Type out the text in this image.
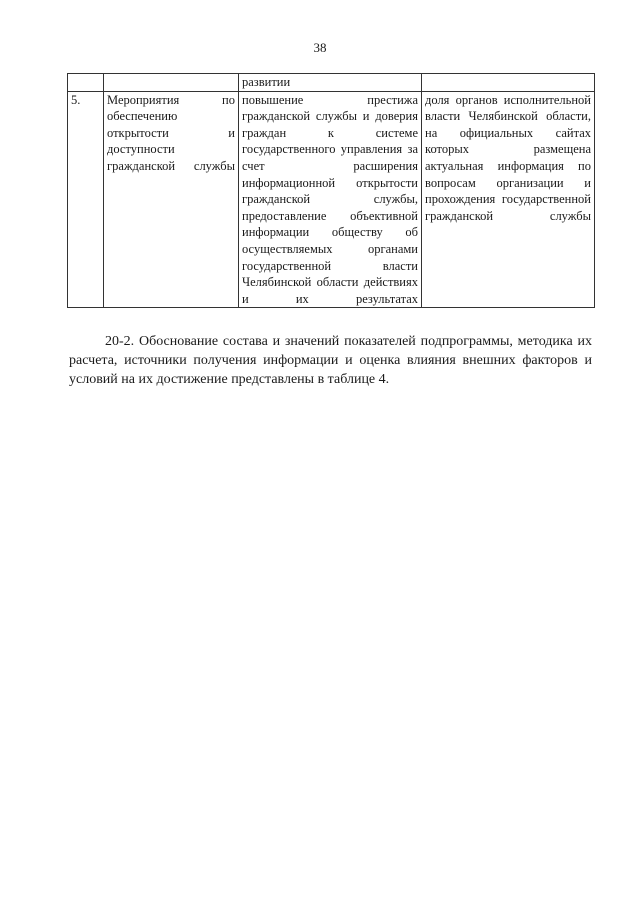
38
		развитии	
5.	Мероприятия по обеспечению открытости и доступности гражданской службы	повышение престижа гражданской службы и доверия граждан к системе государственного управления за счет расширения информационной открытости гражданской службы, предоставление объективной информации обществу об осуществляемых органами государственной власти Челябинской области действиях и их результатах	доля органов исполнительной власти Челябинской области, на официальных сайтах которых размещена актуальная информация по вопросам организации и прохождения государственной гражданской службы
20-2. Обоснование состава и значений показателей подпрограммы, методика их расчета, источники получения информации и оценка влияния внешних факторов и условий на их достижение представлены в таблице 4.
